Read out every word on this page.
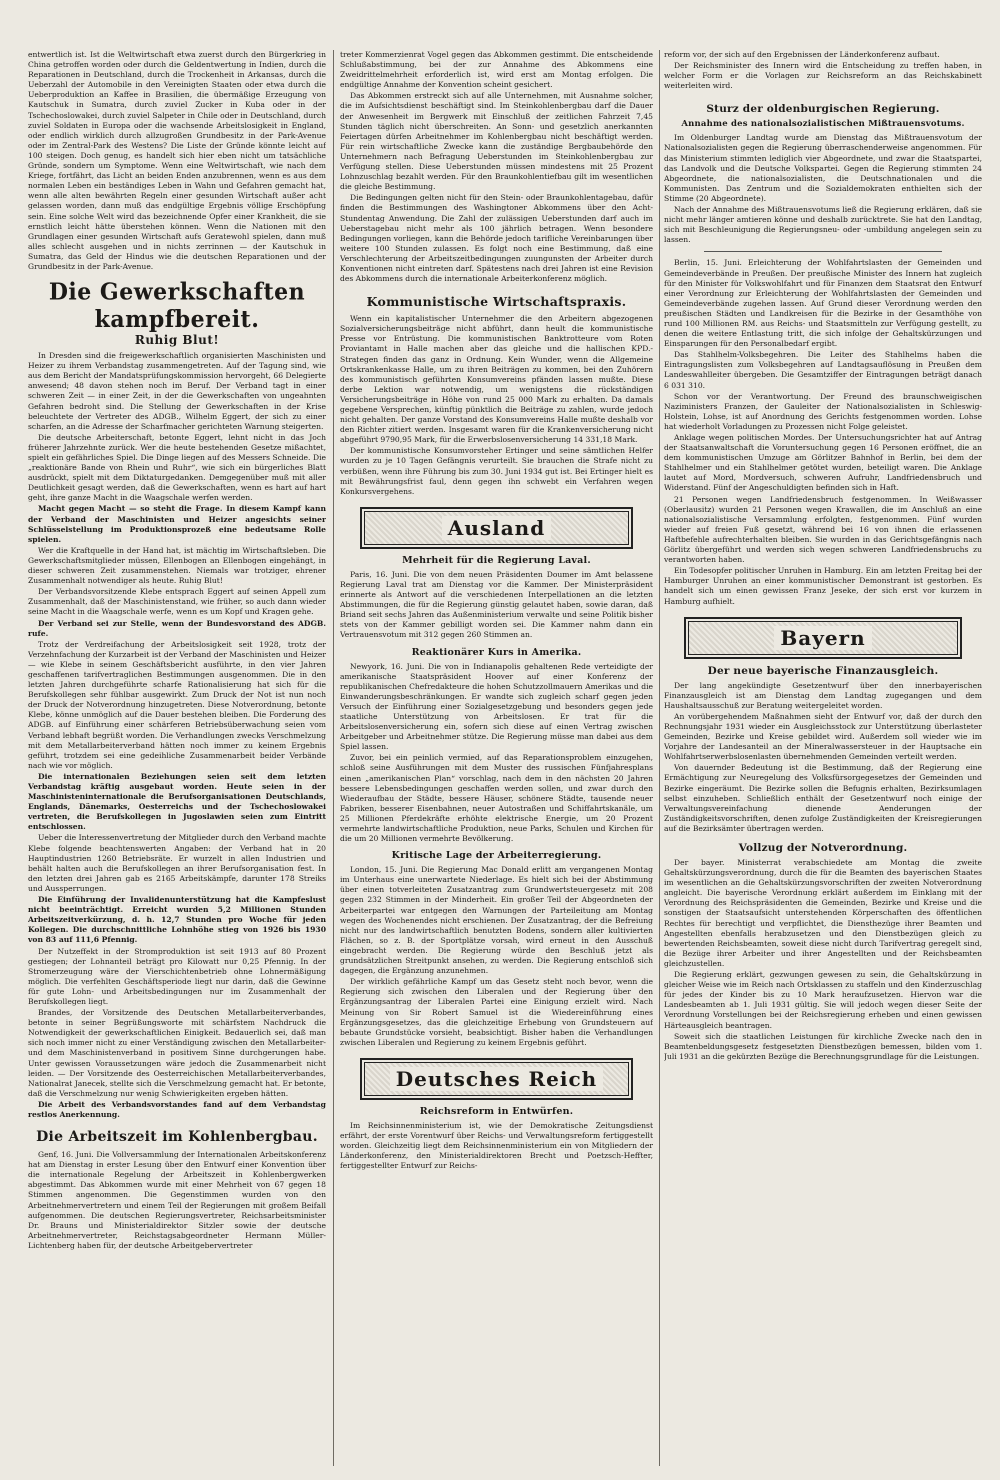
entwertlich ist. Ist die Weltwirtschaft etwa zuerst durch den Bürgerkrieg in China getroffen worden oder durch die Geldentwertung in Indien, durch die Reparationen in Deutschland, durch die Trockenheit in Arkansas, durch die Ueberzahl der Automobile in den Vereinigten Staaten oder etwa durch die Ueberproduktion an Kaffee in Brasilien, die übermäßige Erzeugung von Kautschuk in Sumatra, durch zuviel Zucker in Kuba oder in der Tschechoslowakei, durch zuviel Salpeter in Chile oder in Deutschland, durch zuviel Soldaten in Europa oder die wachsende Arbeitslosigkeit in England, oder endlich wirklich durch allzugroßen Grundbesitz in der Park-Avenue oder im Zentral-Park des Westens? Die Liste der Gründe könnte leicht auf 100 steigen. Doch genug, es handelt sich hier eben nicht um tatsächliche Gründe, sondern um Symptome. Wenn eine Weltwirtschaft, wie nach dem Kriege, fortfährt, das Licht an beiden Enden anzubrennen, wenn es aus dem normalen Leben ein beständiges Leben in Wahn und Gefahren gemacht hat, wenn alle alten bewährten Regeln einer gesunden Wirtschaft außer acht gelassen worden, dann muß das endgültige Ergebnis völlige Erschöpfung sein. Eine solche Welt wird das bezeichnende Opfer einer Krankheit, die sie ernstlich leicht hätte überstehen können. Wenn die Nationen mit den Grundlagen einer gesunden Wirtschaft aufs Geratewohl spielen, dann muß alles schlecht ausgehen und in nichts zerrinnen — der Kautschuk in Sumatra, das Geld der Hindus wie die deutschen Reparationen und der Grundbesitz in der Park-Avenue.

Die Gewerkschaften kampfbereit.
Ruhig Blut!

In Dresden sind die freigewerkschaftlich organisierten Maschinisten und Heizer zu ihrem Verbandstag zusammengetreten. Auf der Tagung sind, wie aus dem Bericht der Mandatsprüfungskommission hervorgeht, 66 Delegierte anwesend; 48 davon stehen noch im Beruf. Der Verband tagt in einer schweren Zeit — in einer Zeit, in der die Gewerkschaften von ungeahnten Gefahren bedroht sind. Die Stellung der Gewerkschaften in der Krise beleuchtete der Vertreter des ADGB., Wilhelm Eggert, der sich zu einer scharfen, an die Adresse der Scharfmacher gerichteten Warnung steigerten.

Die deutsche Arbeiterschaft, betonte Eggert, lehnt nicht in das Joch früherer Jahrzehnte zurück. Wer die heute bestehenden Gesetze mißachtet, spielt ein gefährliches Spiel. Die Dinge liegen auf des Messers Schneide. Die „reaktionäre Bande von Rhein und Ruhr“, wie sich ein bürgerliches Blatt ausdrückt, spielt mit dem Diktaturgedanken. Demgegenüber muß mit aller Deutlichkeit gesagt werden, daß die Gewerkschaften, wenn es hart auf hart geht, ihre ganze Macht in die Waagschale werfen werden.

Macht gegen Macht — so steht die Frage. In diesem Kampf kann der Verband der Maschinisten und Heizer angesichts seiner Schlüsselstellung im Produktionsprozeß eine bedeutsame Rolle spielen.

Wer die Kraftquelle in der Hand hat, ist mächtig im Wirtschaftsleben. Die Gewerkschaftsmitglieder müssen, Ellenbogen an Ellenbogen eingehängt, in dieser schweren Zeit zusammenstehen. Niemals war trotziger, ehrener Zusammenhalt notwendiger als heute. Ruhig Blut!

Der Verbandsvorsitzende Klebe entsprach Eggert auf seinen Appell zum Zusammenhalt, daß der Maschinistenstand, wie früher, so auch dann wieder seine Macht in die Waagschale werfe, wenn es um Kopf und Kragen gehe.

Der Verband sei zur Stelle, wenn der Bundesvorstand des ADGB. rufe.

Trotz der Verdreifachung der Arbeitslosigkeit seit 1928, trotz der Verzehnfachung der Kurzarbeit ist der Verband der Maschinisten und Heizer — wie Klebe in seinem Geschäftsbericht ausführte, in den vier Jahren geschaffenen tarifvertraglichen Bestimmungen ausgenommen. Die in den letzten Jahren durchgeführte scharfe Rationalisierung hat sich für die Berufskollegen sehr fühlbar ausgewirkt. Zum Druck der Not ist nun noch der Druck der Notverordnung hinzugetreten. Diese Notverordnung, betonte Klebe, könne unmöglich auf die Dauer bestehen bleiben. Die Forderung des ADGB. auf Einführung einer schärferen Betriebsüberwachung seien vom Verband lebhaft begrüßt worden. Die Verhandlungen zwecks Verschmelzung mit dem Metallarbeiterverband hätten noch immer zu keinem Ergebnis geführt, trotzdem sei eine gedeihliche Zusammenarbeit beider Verbände nach wie vor möglich.

Die internationalen Beziehungen seien seit dem letzten Verbandstag kräftig ausgebaut worden. Heute seien in der Maschinisteninternationale die Berufsorganisationen Deutschlands, Englands, Dänemarks, Oesterreichs und der Tschechoslowakei vertreten, die Berufskollegen in Jugoslawien seien zum Eintritt entschlossen.

Ueber die Interessenvertretung der Mitglieder durch den Verband machte Klebe folgende beachtenswerten Angaben: der Verband hat in 20 Hauptindustrien 1260 Betriebsräte. Er wurzelt in allen Industrien und behält halten auch die Berufskollegen an ihrer Berufsorganisation fest. In den letzten drei Jahren gab es 2165 Arbeitskämpfe, darunter 178 Streiks und Aussperrungen.

Die Einführung der Invalidenunterstützung hat die Kampfeslust nicht beeinträchtigt. Erreicht wurden 5,2 Millionen Stunden Arbeitszeitverkürzung, d. h. 12,7 Stunden pro Woche für jeden Kollegen. Die durchschnittliche Lohnhöhe stieg von 1926 bis 1930 von 83 auf 111,6 Pfennig.

Der Nutzeffekt in der Stromproduktion ist seit 1913 auf 80 Prozent gestiegen; der Lohnanteil beträgt pro Kilowatt nur 0,25 Pfennig. In der Stromerzeugung wäre der Vierschichtenbetrieb ohne Lohnermäßigung möglich. Die verfehlten Geschäftsperiode liegt nur darin, daß die Gewinne für gute Lohn- und Arbeitsbedingungen nur im Zusammenhalt der Berufskollegen liegt.

Brandes, der Vorsitzende des Deutschen Metallarbeiterverbandes, betonte in seiner Begrüßungsworte mit schärfstem Nachdruck die Notwendigkeit der gewerkschaftlichen Einigkeit. Bedauerlich sei, daß man sich noch immer nicht zu einer Verständigung zwischen den Metallarbeiter- und dem Maschinistenverband in positivem Sinne durchgerungen habe. Unter gewissen Voraussetzungen wäre jedoch die Zusammenarbeit nicht leiden. — Der Vorsitzende des Oesterreichischen Metallarbeiterverbandes, Nationalrat Janecek, stellte sich die Verschmelzung gemacht hat. Er betonte, daß die Verschmelzung nur wenig Schwierigkeiten ergeben hätten.

Die Arbeit des Verbandsvorstandes fand auf dem Verbandstag restlos Anerkennung.

Die Arbeitszeit im Kohlenbergbau.

Genf, 16. Juni. Die Vollversammlung der Internationalen Arbeitskonferenz hat am Dienstag in erster Lesung über den Entwurf einer Konvention über die internationale Regelung der Arbeitszeit in Kohlenbergwerken abgestimmt. Das Abkommen wurde mit einer Mehrheit von 67 gegen 18 Stimmen angenommen. Die Gegenstimmen wurden von den Arbeitnehmervertretern und einem Teil der Regierungen mit großem Beifall aufgenommen. Die deutschen Regierungsvertreter, Reichsarbeitsminister Dr. Brauns und Ministerialdirektor Sitzler sowie der deutsche Arbeitnehmervertreter, Reichstagsabgeordneter Hermann Müller-Lichtenberg haben für, der deutsche Arbeitgebervertreter

treter Kommerzienrat Vogel gegen das Abkommen gestimmt. Die entscheidende Schlußabstimmung, bei der zur Annahme des Abkommens eine Zweidrittelmehrheit erforderlich ist, wird erst am Montag erfolgen. Die endgültige Annahme der Konvention scheint gesichert.

Das Abkommen erstreckt sich auf alle Unternehmen, mit Ausnahme solcher, die im Aufsichtsdienst beschäftigt sind. Im Steinkohlenbergbau darf die Dauer der Anwesenheit im Bergwerk mit Einschluß der zeitlichen Fahrzeit 7,45 Stunden täglich nicht überschreiten. An Sonn- und gesetzlich anerkannten Feiertagen dürfen Arbeitnehmer im Kohlenbergbau nicht beschäftigt werden. Für rein wirtschaftliche Zwecke kann die zuständige Bergbaubehörde den Unternehmern nach Befragung Ueberstunden im Steinkohlenbergbau zur Verfügung stellen. Diese Ueberstunden müssen mindestens mit 25 Prozent Lohnzuschlag bezahlt werden. Für den Braunkohlentiefbau gilt im wesentlichen die gleiche Bestimmung.

Die Bedingungen gelten nicht für den Stein- oder Braunkohlentagebau, dafür finden die Bestimmungen des Washingtoner Abkommens über den Acht-Stundentag Anwendung. Die Zahl der zulässigen Ueberstunden darf auch im Ueberstagebau nicht mehr als 100 jährlich betragen. Wenn besondere Bedingungen vorliegen, kann die Behörde jedoch tarifliche Vereinbarungen über weitere 100 Stunden zulassen. Es folgt noch eine Bestimmung, daß eine Verschlechterung der Arbeitszeitbedingungen zuungunsten der Arbeiter durch Konventionen nicht eintreten darf. Spätestens nach drei Jahren ist eine Revision des Abkommens durch die internationale Arbeiterkonferenz möglich.

Kommunistische Wirtschaftspraxis.

Wenn ein kapitalistischer Unternehmer die den Arbeitern abgezogenen Sozialversicherungsbeiträge nicht abführt, dann heult die kommunistische Presse vor Entrüstung. Die kommunistischen Banktrotteure vom Roten Proviantamt in Halle machen aber das gleiche und die hallischen KPD.-Strategen finden das ganz in Ordnung. Kein Wunder, wenn die Allgemeine Ortskrankenkasse Halle, um zu ihren Beiträgen zu kommen, bei den Zuhörern des kommunistisch geführten Konsumvereins pfänden lassen mußte. Diese derbe Lektion war notwendig, um wenigstens die rückständigen Versicherungsbeiträge in Höhe von rund 25 000 Mark zu erhalten. Da damals gegebene Versprechen, künftig pünktlich die Beiträge zu zahlen, wurde jedoch nicht gehalten. Der ganze Vorstand des Konsumvereins Halle mußte deshalb vor den Richter zitiert werden. Insgesamt waren für die Krankenversicherung nicht abgeführt 9790,95 Mark, für die Erwerbslosenversicherung 14 331,18 Mark.

Der kommunistische Konsumvorsteher Ertinger und seine sämtlichen Helfer wurden zu je 10 Tagen Gefängnis verurteilt. Sie brauchen die Strafe nicht zu verbüßen, wenn ihre Führung bis zum 30. Juni 1934 gut ist. Bei Ertinger hielt es mit Bewährungsfrist faul, denn gegen ihn schwebt ein Verfahren wegen Konkursvergehens.

Ausland
Mehrheit für die Regierung Laval.

Paris, 16. Juni. Die von dem neuen Präsidenten Doumer im Amt belassene Regierung Laval trat am Dienstag vor die Kammer. Der Ministerpräsident erinnerte als Antwort auf die verschiedenen Interpellationen an die letzten Abstimmungen, die für die Regierung günstig gelautet haben, sowie daran, daß Briand seit sechs Jahren das Außenministerium verwalte und seine Politik bisher stets von der Kammer gebilligt worden sei. Die Kammer nahm dann ein Vertrauensvotum mit 312 gegen 260 Stimmen an.

Reaktionärer Kurs in Amerika.

Newyork, 16. Juni. Die von in Indianapolis gehaltenen Rede verteidigte der amerikanische Staatspräsident Hoover auf einer Konferenz der republikanischen Chefredakteure die hohen Schutzzollmauern Amerikas und die Einwanderungsbeschränkungen. Er wandte sich zugleich scharf gegen jeden Versuch der Einführung einer Sozialgesetzgebung und besonders gegen jede staatliche Unterstützung von Arbeitslosen. Er trat für die Arbeitslosenversicherung ein, sofern sich diese auf einen Vertrag zwischen Arbeitgeber und Arbeitnehmer stütze. Die Regierung müsse man dabei aus dem Spiel lassen.

Zuvor, bei ein peinlich vermied, auf das Reparationsproblem einzugehen, schloß seine Ausführungen mit dem Muster des russischen Fünfjahresplans einen „amerikanischen Plan“ vorschlag, nach dem in den nächsten 20 Jahren bessere Lebensbedingungen geschaffen werden sollen, und zwar durch den Wiederaufbau der Städte, bessere Häuser, schönere Städte, tausende neuer Fabriken, besserer Eisenbahnen, neuer Autostraßen und Schiffahrtskanäle, um 25 Millionen Pferdekräfte erhöhte elektrische Energie, um 20 Prozent vermehrte landwirtschaftliche Produktion, neue Parks, Schulen und Kirchen für die um 20 Millionen vermehrte Bevölkerung.

Kritische Lage der Arbeiterregierung.

London, 15. Juni. Die Regierung Mac Donald erlitt am vergangenen Montag im Unterhaus eine unerwartete Niederlage. Es hielt sich bei der Abstimmung über einen totverleiteten Zusatzantrag zum Grundwertsteuergesetz mit 208 gegen 232 Stimmen in der Minderheit. Ein großer Teil der Abgeordneten der Arbeiterpartei war entgegen den Warnungen der Parteileitung am Montag wegen des Wochenendes nicht erschienen. Der Zusatzantrag, der die Befreiung nicht nur des landwirtschaftlich benutzten Bodens, sondern aller kultivierten Flächen, so z. B. der Sportplätze vorsah, wird erneut in den Ausschuß eingebracht werden. Die Regierung würde den Beschluß jetzt als grundsätzlichen Streitpunkt ansehen, zu werden. Die Regierung entschloß sich dagegen, die Ergänzung anzunehmen.

Der wirklich gefährliche Kampf um das Gesetz steht noch bevor, wenn die Regierung sich zwischen den Liberalen und der Regierung über den Ergänzungsantrag der Liberalen Partei eine Einigung erzielt wird. Nach Meinung von Sir Robert Samuel ist die Wiedereinführung eines Ergänzungsgesetzes, das die gleichzeitige Erhebung von Grundsteuern auf bebaute Grundstücke vorsieht, beabsichtigt. Bisher haben die Verhandlungen zwischen Liberalen und Regierung zu keinem Ergebnis geführt.

Deutsches Reich
Reichsreform in Entwürfen.

Im Reichsinnenministerium ist, wie der Demokratische Zeitungsdienst erfährt, der erste Vorentwurf über Reichs- und Verwaltungsreform fertiggestellt worden. Gleichzeitig liegt dem Reichsinnenministerium ein von Mitgliedern der Länderkonferenz, den Ministerialdirektoren Brecht und Poetzsch-Heffter, fertiggestellter Entwurf zur Reichs-

reform vor, der sich auf den Ergebnissen der Länderkonferenz aufbaut.

Der Reichsminister des Innern wird die Entscheidung zu treffen haben, in welcher Form er die Vorlagen zur Reichsreform an das Reichskabinett weiterleiten wird.

Sturz der oldenburgischen Regierung.
Annahme des nationalsozialistischen Mißtrauensvotums.

Im Oldenburger Landtag wurde am Dienstag das Mißtrauensvotum der Nationalsozialisten gegen die Regierung überraschenderweise angenommen. Für das Ministerium stimmten lediglich vier Abgeordnete, und zwar die Staatspartei, das Landvolk und die Deutsche Volkspartei. Gegen die Regierung stimmten 24 Abgeordnete, die nationalsozialisten, die Deutschnationalen und die Kommunisten. Das Zentrum und die Sozialdemokraten enthielten sich der Stimme (20 Abgeordnete).

Nach der Annahme des Mißtrauensvotums ließ die Regierung erklären, daß sie nicht mehr länger amtieren könne und deshalb zurücktrete. Sie hat den Landtag, sich mit Beschleunigung die Regierungsneu- oder -umbildung angelegen sein zu lassen.

Berlin, 15. Juni. Erleichterung der Wohlfahrtslasten der Gemeinden und Gemeindeverbände in Preußen. Der preußische Minister des Innern hat zugleich für den Minister für Volkswohlfahrt und für Finanzen dem Staatsrat den Entwurf einer Verordnung zur Erleichterung der Wohlfahrtslasten der Gemeinden und Gemeindeverbände zugehen lassen. Auf Grund dieser Verordnung werden den preußischen Städten und Landkreisen für die Bezirke in der Gesamthöhe von rund 100 Millionen RM. aus Reichs- und Staatsmitteln zur Verfügung gestellt, zu denen die weitere Entlastung tritt, die sich infolge der Gehaltskürzungen und Einsparungen für den Personalbedarf ergibt.

Das Stahlhelm-Volksbegehren. Die Leiter des Stahlhelms haben die Eintragungslisten zum Volksbegehren auf Landtagsauflösung in Preußen dem Landeswahlleiter übergeben. Die Gesamtziffer der Eintragungen beträgt danach 6 031 310.

Schon vor der Verantwortung. Der Freund des braunschweigischen Naziministers Franzen, der Gauleiter der Nationalsozialisten in Schleswig-Holstein, Lohse, ist auf Anordnung des Gerichts festgenommen worden. Lohse hat wiederholt Vorladungen zu Prozessen nicht Folge geleistet.

Anklage wegen politischen Mordes. Der Untersuchungsrichter hat auf Antrag der Staatsanwaltschaft die Voruntersuchung gegen 16 Personen eröffnet, die an dem kommunistischen Umzuge am Görlitzer Bahnhof in Berlin, bei dem der Stahlhelmer und ein Stahlhelmer getötet wurden, beteiligt waren. Die Anklage lautet auf Mord, Mordversuch, schweren Aufruhr, Landfriedensbruch und Widerstand. Fünf der Angeschuldigten befinden sich in Haft.

21 Personen wegen Landfriedensbruch festgenommen. In Weißwasser (Oberlausitz) wurden 21 Personen wegen Krawallen, die im Anschluß an eine nationalsozialistische Versammlung erfolgten, festgenommen. Fünf wurden wieder auf freien Fuß gesetzt, während bei 16 von ihnen die erlassenen Haftbefehle aufrechterhalten bleiben. Sie wurden in das Gerichtsgefängnis nach Görlitz übergeführt und werden sich wegen schweren Landfriedensbruchs zu verantworten haben.

Ein Todesopfer politischer Unruhen in Hamburg. Ein am letzten Freitag bei der Hamburger Unruhen an einer kommunistischer Demonstrant ist gestorben. Es handelt sich um einen gewissen Franz Jeseke, der sich erst vor kurzem in Hamburg aufhielt.

Bayern
Der neue bayerische Finanzausgleich.

Der lang angekündigte Gesetzentwurf über den innerbayerischen Finanzausgleich ist am Dienstag dem Landtag zugegangen und dem Haushaltsausschuß zur Beratung weitergeleitet worden.

An vorübergehendem Maßnahmen sieht der Entwurf vor, daß der durch den Rechnungsjahr 1931 wieder ein Ausgleichsstock zur Unterstützung überlasteter Gemeinden, Bezirke und Kreise gebildet wird. Außerdem soll wieder wie im Vorjahre der Landesanteil an der Mineralwassersteuer in der Hauptsache ein Wohlfahrtserwerbslosenlasten übernehmenden Gemeinden verteilt werden.

Von dauernder Bedeutung ist die Bestimmung, daß der Regierung eine Ermächtigung zur Neuregelung des Volksfürsorgegesetzes der Gemeinden und Bezirke eingeräumt. Die Bezirke sollen die Befugnis erhalten, Bezirksumlagen selbst einzuheben. Schließlich enthält der Gesetzentwurf noch einige der Verwaltungsvereinfachung dienende Aenderungen der Zuständigkeitsvorschriften, denen zufolge Zuständigkeiten der Kreisregierungen auf die Bezirksämter übertragen werden.

Vollzug der Notverordnung.

Der bayer. Ministerrat verabschiedete am Montag die zweite Gehaltskürzungsverordnung, durch die für die Beamten des bayerischen Staates im wesentlichen an die Gehaltskürzungsvorschriften der zweiten Notverordnung angleicht. Die bayerische Verordnung erklärt außerdem im Einklang mit der Verordnung des Reichspräsidenten die Gemeinden, Bezirke und Kreise und die sonstigen der Staatsaufsicht unterstehenden Körperschaften des öffentlichen Rechtes für berechtigt und verpflichtet, die Diensthezüge ihrer Beamten und Angestellten ebenfalls herabzusetzen und den Dienstbezügen gleich zu bewertenden Reichsbeamten, soweit diese nicht durch Tarifvertrag geregelt sind, die Bezüge ihrer Arbeiter und ihrer Angestellten und der Reichsbeamten gleichzustellen.

Die Regierung erklärt, gezwungen gewesen zu sein, die Gehaltskürzung in gleicher Weise wie im Reich nach Ortsklassen zu staffeln und den Kinderzuschlag für jedes der Kinder bis zu 10 Mark heraufzusetzen. Hiervon war die Landesbeamten ab 1. Juli 1931 gültig. Sie will jedoch wegen dieser Seite der Verordnung Vorstellungen bei der Reichsregierung erheben und einen gewissen Härteausgleich beantragen.

Soweit sich die staatlichen Leistungen für kirchliche Zwecke nach den in Beamtenbeldungsgesetz festgesetzten Dienstbezügen bemessen, bilden vom 1. Juli 1931 an die gekürzten Bezüge die Berechnungsgrundlage für die Leistungen.
